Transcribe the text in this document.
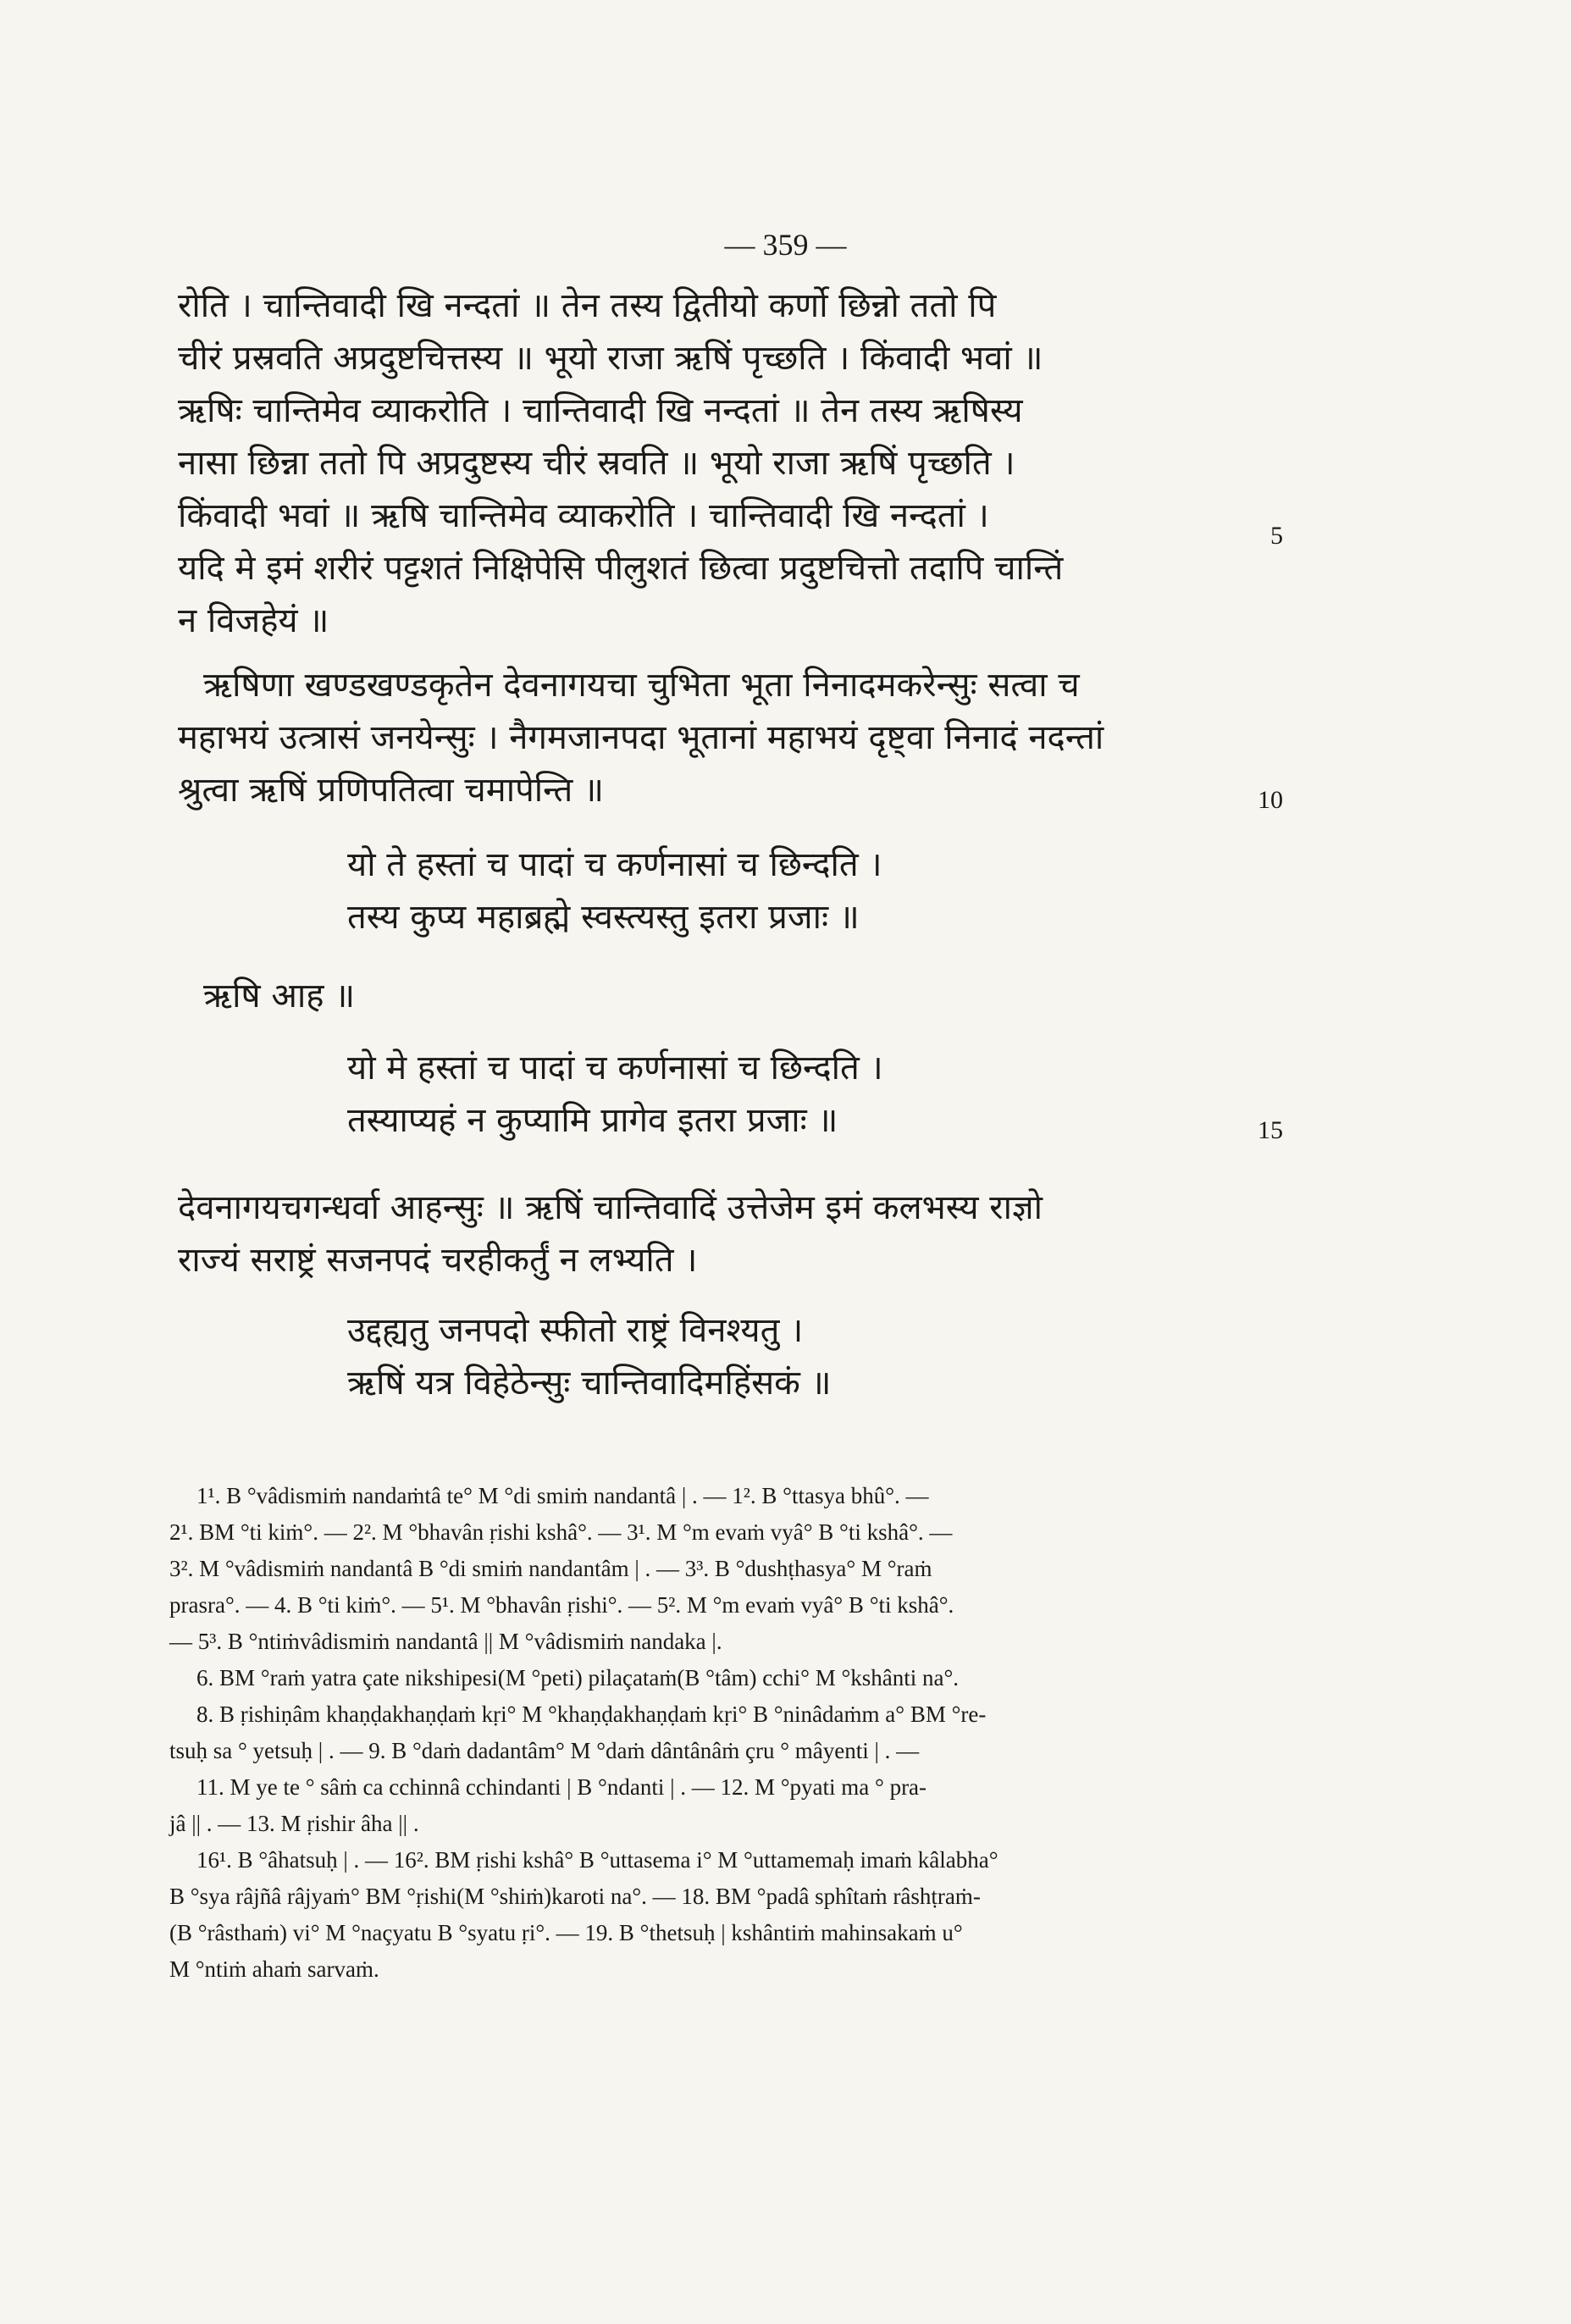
— 359 —
रोति । चान्तिवादी खि नन्दतां ॥ तेन तस्य द्वितीयो कर्णो छिन्नो ततो पि
चीरं प्रस्रवति अप्रदुष्टचित्तस्य ॥ भूयो राजा ऋषिं पृच्छति । किंवादी भवां ॥
ऋषिः चान्तिमेव व्याकरोति । चान्तिवादी खि नन्दतां ॥ तेन तस्य ऋषिस्य
नासा छिन्ना ततो पि अप्रदुष्टस्य चीरं स्रवति ॥ भूयो राजा ऋषिं पृच्छति ।
किंवादी भवां ॥ ऋषि चान्तिमेव व्याकरोति । चान्तिवादी खि नन्दतां ।
यदि मे इमं शरीरं पट्टशतं निक्षिपेसि पीलुशतं छित्वा प्रदुष्टचित्तो तदापि चान्तिं
न विजहेयं ॥
ऋषिणा खण्डखण्डकृतेन देवनागयचा चुभिता भूता निनादमकरेन्सुः सत्वा च
महाभयं उत्त्रासं जनयेन्सुः । नैगमजानपदा भूतानां महाभयं दृष्ट्वा निनादं नदन्तां
श्रुत्वा ऋषिं प्रणिपतित्वा चमापेन्ति ॥
यो ते हस्तां च पादां च कर्णनासां च छिन्दति ।
तस्य कुप्य महाब्रह्मे स्वस्त्यस्तु इतरा प्रजाः ॥
ऋषि आह ॥
यो मे हस्तां च पादां च कर्णनासां च छिन्दति ।
तस्याप्यहं न कुप्यामि प्रागेव इतरा प्रजाः ॥
देवनागयचगन्धर्वा आहन्सुः ॥ ऋषिं चान्तिवादिं उत्तेजेम इमं कलभस्य राज्ञो
राज्यं सराष्ट्रं सजनपदं चरहीकर्तुं न लभ्यति ।
उद्दह्यतु जनपदो स्फीतो राष्ट्रं विनश्यतु ।
ऋषिं यत्र विहेठेन्सुः चान्तिवादिमहिंसकं ॥
5
10
15
1¹. B °vâdismiṁ nandaṁtâ te° M °di smiṁ nandantâ | . — 1². B °ttasya bhû°. —
2¹. BM °ti kiṁ°. — 2². M °bhavân ṛishi kshâ°. — 3¹. M °m evaṁ vyâ° B °ti kshâ°. —
3². M °vâdismiṁ nandantâ B °di smiṁ nandantâm | . — 3³. B °dushṭhasya° M °raṁ
prasra°. — 4. B °ti kiṁ°. — 5¹. M °bhavân ṛishi°. — 5². M °m evaṁ vyâ° B °ti kshâ°.
— 5³. B °ntiṁvâdismiṁ nandantâ || M °vâdismiṁ nandaka |.
6. BM °raṁ yatra çate nikshipesi(M °peti) pilaçataṁ(B °tâm) cchi° M °kshânti na°.
8. B ṛishiṇâm khaṇḍakhaṇḍaṁ kṛi° M °khaṇḍakhaṇḍaṁ kṛi° B °ninâdaṁm a° BM °re-
tsuḥ sa ° yetsuḥ | . — 9. B °daṁ dadantâm° M °daṁ dântânâṁ çru ° mâyenti | . —
11. M ye te ° sâṁ ca cchinnâ cchindanti | B °ndanti | . — 12. M °pyati ma ° pra-
jâ || . — 13. M ṛishir âha || .
16¹. B °âhatsuḥ | . — 16². BM ṛishi kshâ° B °uttasema i° M °uttamemaḥ imaṁ kâlabha°
B °sya râjñâ râjyaṁ° BM °ṛishi(M °shiṁ)karoti na°. — 18. BM °padâ sphîtaṁ râshṭraṁ-
(B °râsthaṁ) vi° M °naçyatu B °syatu ṛi°. — 19. B °thetsuḥ | kshântiṁ mahinsakaṁ u°
M °ntiṁ ahaṁ sarvaṁ.
